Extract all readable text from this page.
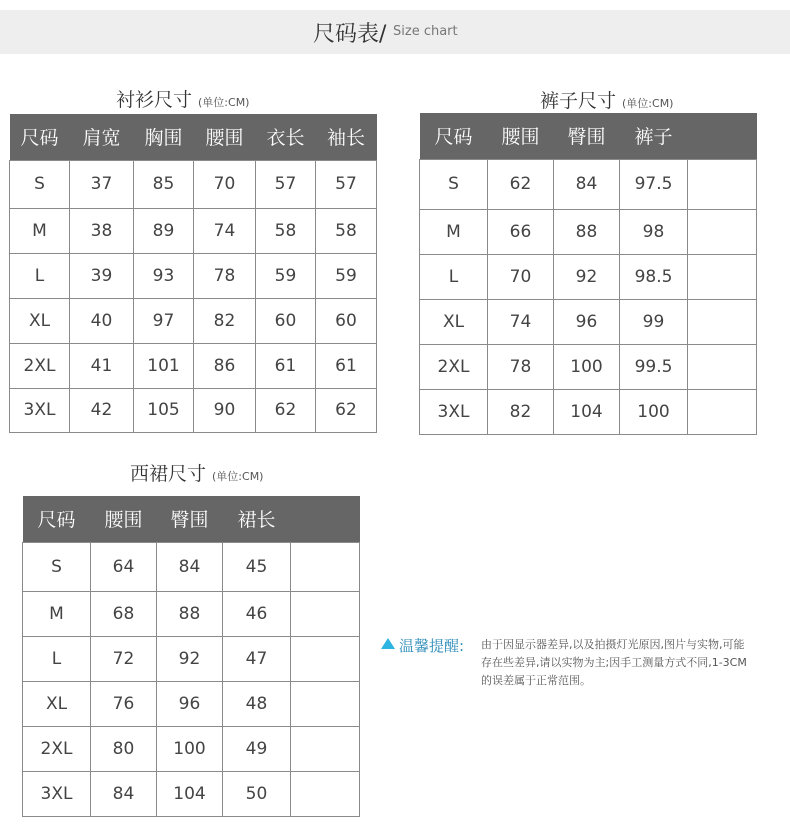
尺码表/ Size chart
衬衫尺寸 (单位:CM)
尺码	肩宽	胸围	腰围	衣长	袖长
S	37	85	70	57	57
M	38	89	74	58	58
L	39	93	78	59	59
XL	40	97	82	60	60
2XL	41	101	86	61	61
3XL	42	105	90	62	62
裤子尺寸 (单位:CM)
尺码	腰围	臀围	裤子	
S	62	84	97.5	
M	66	88	98	
L	70	92	98.5	
XL	74	96	99	
2XL	78	100	99.5	
3XL	82	104	100	
西裙尺寸 (单位:CM)
尺码	腰围	臀围	裙长	
S	64	84	45	
M	68	88	46	
L	72	92	47	
XL	76	96	48	
2XL	80	100	49	
3XL	84	104	50	
温馨提醒: 由于因显示器差异,以及拍摄灯光原因,图片与实物,可能存在些差异,请以实物为主;因手工测量方式不同,1-3CM的误差属于正常范围。
